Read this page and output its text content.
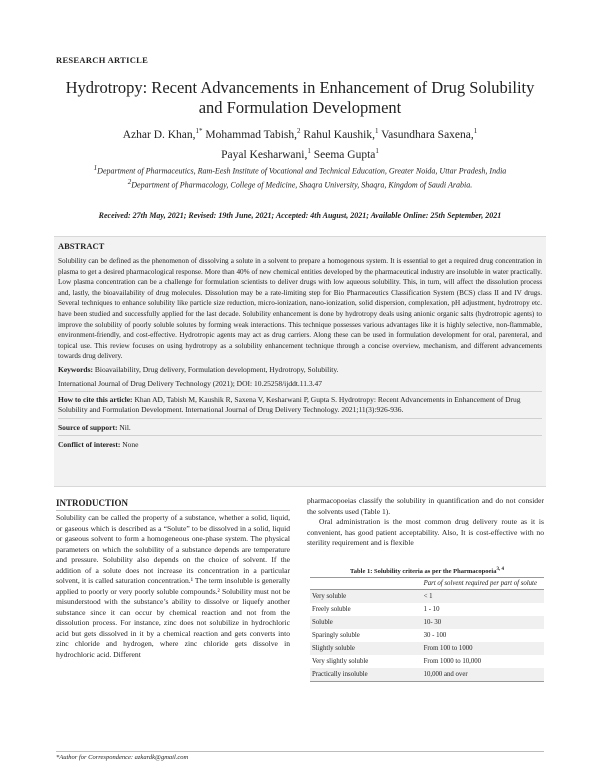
RESEARCH ARTICLE
Hydrotropy: Recent Advancements in Enhancement of Drug Solubility and Formulation Development
Azhar D. Khan,$^{1*}$ Mohammad Tabish,$^2$ Rahul Kaushik,$^1$ Vasundhara Saxena,$^1$
Payal Kesharwani,$^1$ Seema Gupta$^1$
$^1$Department of Pharmaceutics, Ram-Eesh Institute of Vocational and Technical Education, Greater Noida, Uttar Pradesh, India
$^2$Department of Pharmacology, College of Medicine, Shaqra University, Shaqra, Kingdom of Saudi Arabia.
Received: 27th May, 2021; Revised: 19th June, 2021; Accepted: 4th August, 2021; Available Online: 25th September, 2021
ABSTRACT
Solubility can be defined as the phenomenon of dissolving a solute in a solvent to prepare a homogenous system. It is essential to get a required drug concentration in plasma to get a desired pharmacological response. More than 40% of new chemical entities developed by the pharmaceutical industry are insoluble in water practically. Low plasma concentration can be a challenge for formulation scientists to deliver drugs with low aqueous solubility. This, in turn, will affect the dissolution process and, lastly, the bioavailability of drug molecules. Dissolution may be a rate-limiting step for Bio Pharmaceutics Classification System (BCS) class II and IV drugs. Several techniques to enhance solubility like particle size reduction, micro-ionization, nano-ionization, solid dispersion, complexation, pH adjustment, hydrotropy etc. have been studied and successfully applied for the last decade. Solubility enhancement is done by hydrotropy deals using anionic organic salts (hydrotropic agents) to improve the solubility of poorly soluble solutes by forming weak interactions. This technique possesses various advantages like it is highly selective, non-flammable, environment-friendly, and cost-effective. Hydrotropic agents may act as drug carriers. Along these can be used in formulation development for oral, parenteral, and topical use. This review focuses on using hydrotropy as a solubility enhancement technique through a concise overview, mechanism, and different advancements towards drug delivery.
Keywords: Bioavailability, Drug delivery, Formulation development, Hydrotropy, Solubility.
International Journal of Drug Delivery Technology (2021); DOI: 10.25258/ijddt.11.3.47
How to cite this article: Khan AD, Tabish M, Kaushik R, Saxena V, Kesharwani P, Gupta S. Hydrotropy: Recent Advancements in Enhancement of Drug Solubility and Formulation Development. International Journal of Drug Delivery Technology. 2021;11(3):926-936.
Source of support: Nil.
Conflict of interest: None
INTRODUCTION

Solubility can be called the property of a substance, whether a solid, liquid, or gaseous which is described as a “Solute” to be dissolved in a solid, liquid or gaseous solvent to form a homogeneous one-phase system. The physical parameters on which the solubility of a substance depends are temperature and pressure. Solubility also depends on the choice of solvent. If the addition of a solute does not increase its concentration in a particular solvent, it is called saturation concentration.¹ The term insoluble is generally applied to poorly or very poorly soluble compounds.² Solubility must not be misunderstood with the substance’s ability to dissolve or liquefy another substance since it can occur by chemical reaction and not from the dissolution process. For instance, zinc does not solubilize in hydrochloric acid but gets dissolved in it by a chemical reaction and gets converts into zinc chloride and hydrogen, where zinc chloride gets dissolve in hydrochloric acid. Different

pharmacopoeias classify the solubility in quantification and do not consider the solvents used (Table 1).

Oral administration is the most common drug delivery route as it is convenient, has good patient acceptability. Also, It is cost-effective with no sterility requirement and is flexible

Table 1: Solubility criteria as per the Pharmacopoeia$^{3, 4}$
	Part of solvent required per part of solute
Very soluble	< 1
Freely soluble	1 - 10
Soluble	10- 30
Sparingly soluble	30 - 100
Slightly soluble	From 100 to 1000
Very slightly soluble	From 1000 to 10,000
Practically insoluble	10,000 and over
*Author for Correspondence: azkardk@gmail.com
